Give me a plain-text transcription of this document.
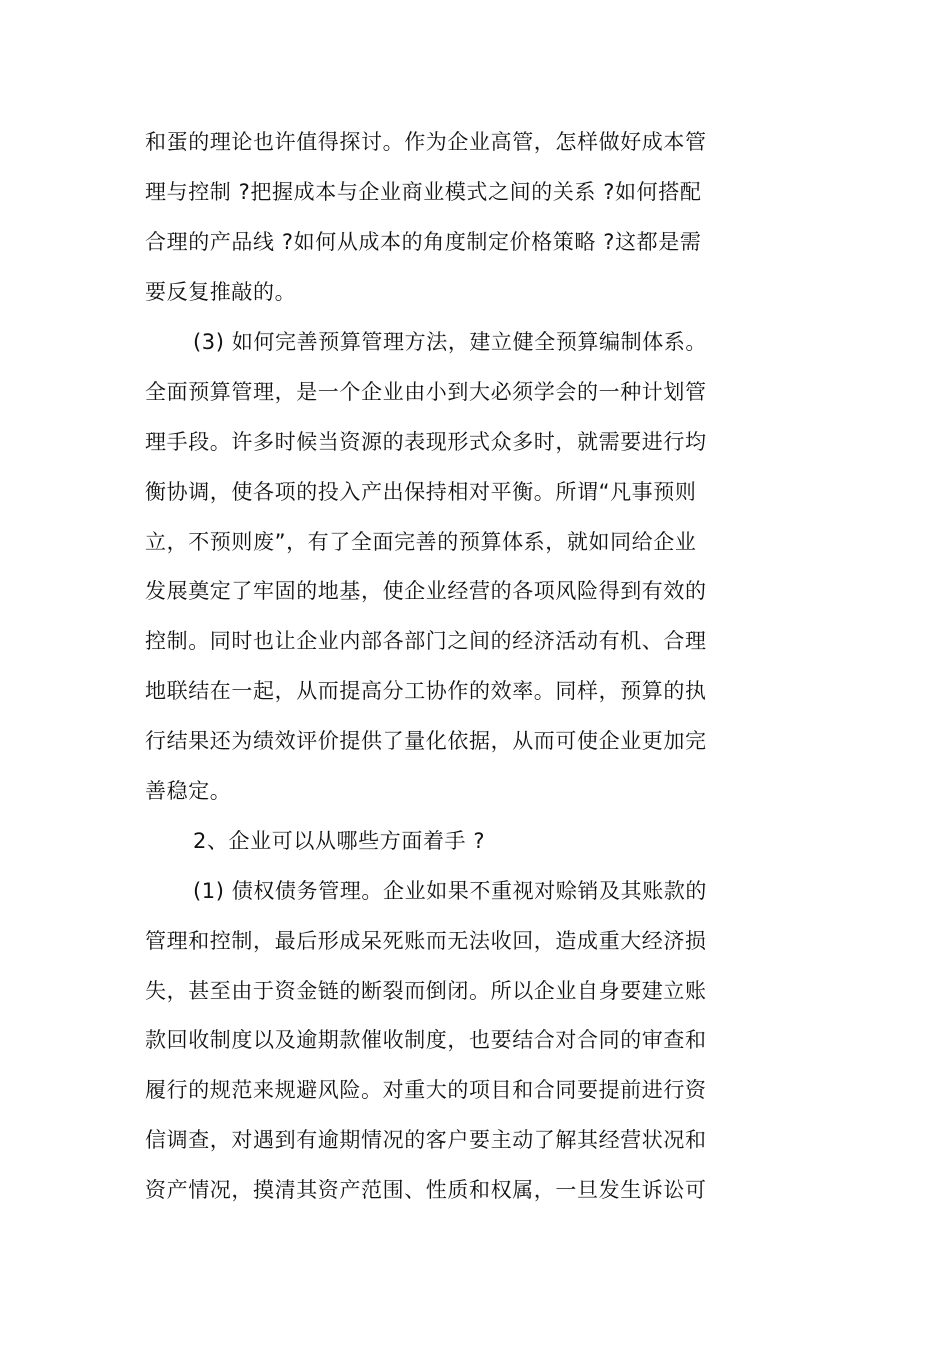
和蛋的理论也许值得探讨。作为企业高管，怎样做好成本管
理与控制 ?把握成本与企业商业模式之间的关系 ?如何搭配
合理的产品线 ?如何从成本的角度制定价格策略 ?这都是需
要反复推敲的。
(3) 如何完善预算管理方法，建立健全预算编制体系。
全面预算管理，是一个企业由小到大必须学会的一种计划管
理手段。许多时候当资源的表现形式众多时，就需要进行均
衡协调，使各项的投入产出保持相对平衡。所谓“凡事预则
立，不预则废”，有了全面完善的预算体系，就如同给企业
发展奠定了牢固的地基，使企业经营的各项风险得到有效的
控制。同时也让企业内部各部门之间的经济活动有机、合理
地联结在一起，从而提高分工协作的效率。同样，预算的执
行结果还为绩效评价提供了量化依据，从而可使企业更加完
善稳定。
2、企业可以从哪些方面着手 ?
(1) 债权债务管理。企业如果不重视对赊销及其账款的
管理和控制，最后形成呆死账而无法收回，造成重大经济损
失，甚至由于资金链的断裂而倒闭。所以企业自身要建立账
款回收制度以及逾期款催收制度，也要结合对合同的审查和
履行的规范来规避风险。对重大的项目和合同要提前进行资
信调查，对遇到有逾期情况的客户要主动了解其经营状况和
资产情况，摸清其资产范围、性质和权属，一旦发生诉讼可
